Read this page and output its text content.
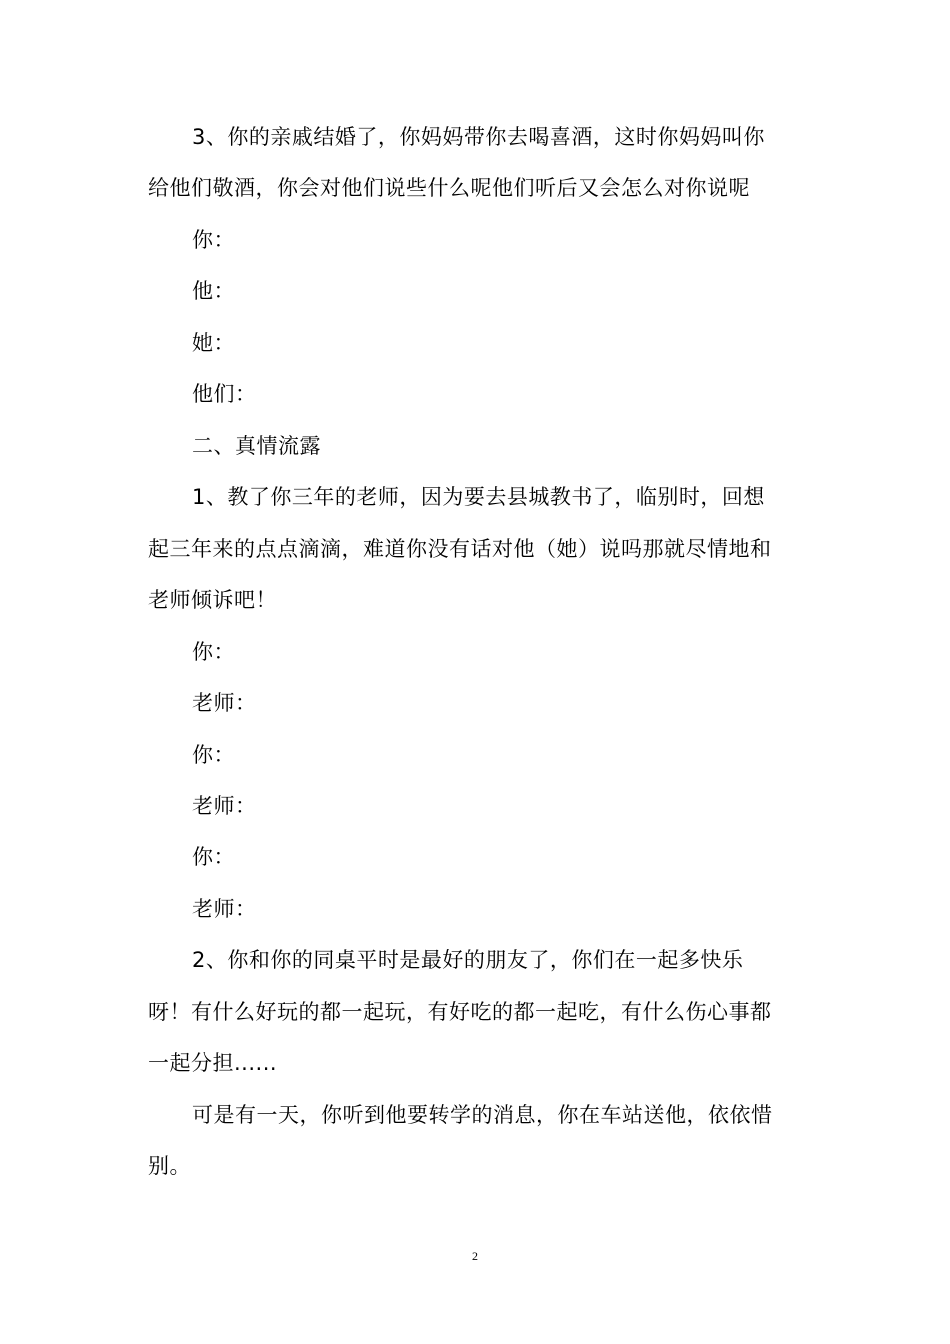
3、你的亲戚结婚了，你妈妈带你去喝喜酒，这时你妈妈叫你
给他们敬酒，你会对他们说些什么呢他们听后又会怎么对你说呢
你：
他：
她：
他们：
二、真情流露
1、教了你三年的老师，因为要去县城教书了，临别时，回想
起三年来的点点滴滴，难道你没有话对他（她）说吗那就尽情地和
老师倾诉吧！
你：
老师：
你：
老师：
你：
老师：
2、你和你的同桌平时是最好的朋友了，你们在一起多快乐
呀！有什么好玩的都一起玩，有好吃的都一起吃，有什么伤心事都
一起分担......
可是有一天，你听到他要转学的消息，你在车站送他，依依惜
别。
2
